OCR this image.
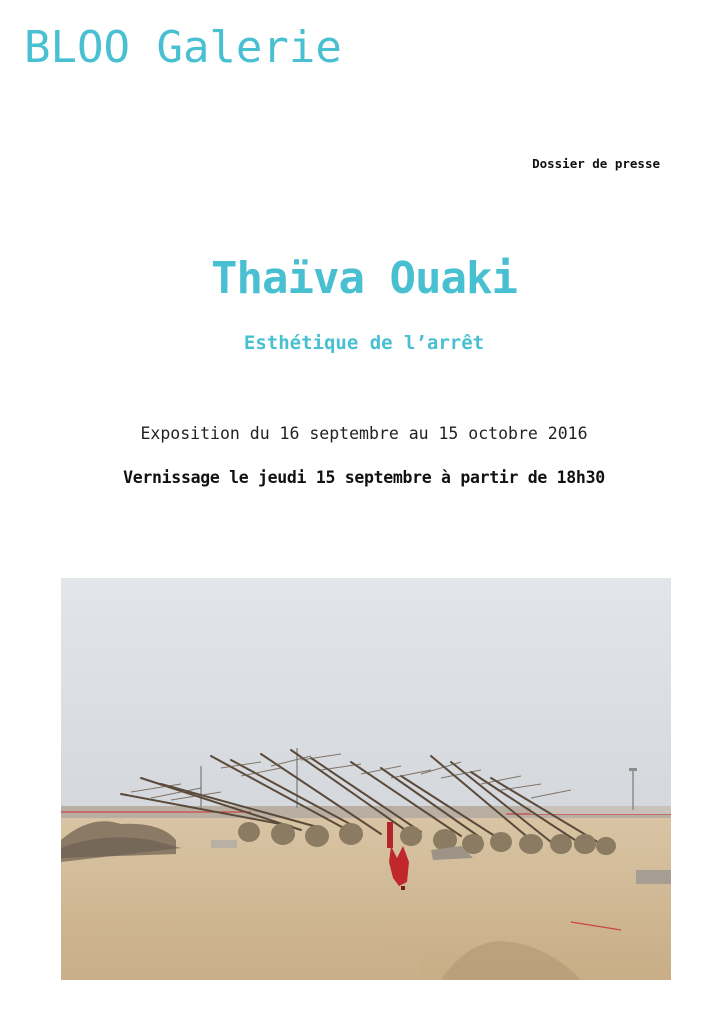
BLOO Galerie
Dossier de presse
Thaïva Ouaki
Esthétique de l’arrêt
Exposition du 16 septembre au 15 octobre 2016
Vernissage le jeudi 15 septembre à partir de 18h30
